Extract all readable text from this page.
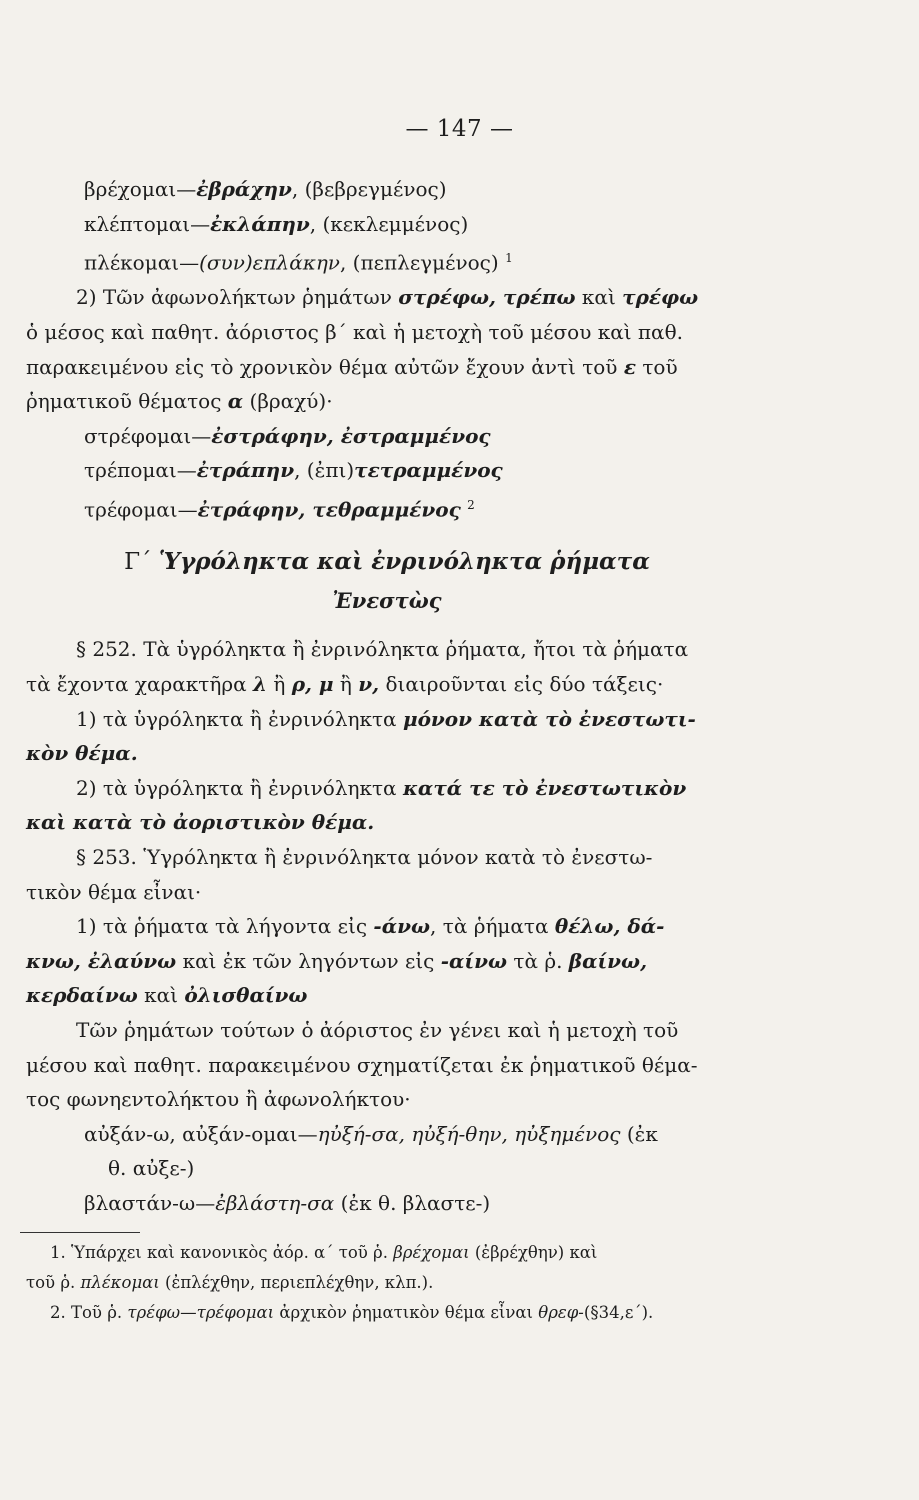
— 147 —
βρέχομαι—ἐβράχην, (βεβρεγμένος)
κλέπτομαι—ἐκλάπην, (κεκλεμμένος)
πλέκομαι—(συν)επλάκην, (πεπλεγμένος) $^1$
2) Τῶν ἀφωνολήκτων ῥημάτων στρέφω, τρέπω καὶ τρέφω
ὁ μέσος καὶ παθητ. ἀόριστος β΄ καὶ ἡ μετοχὴ τοῦ μέσου καὶ παθ.
παρακειμένου εἰς τὸ χρονικὸν θέμα αὐτῶν ἔχουν ἀντὶ τοῦ ε τοῦ
ῥηματικοῦ θέματος α (βραχύ)·
στρέφομαι—ἐστράφην, ἐστραμμένος
τρέπομαι—ἐτράπην, (ἐπι)τετραμμένος
τρέφομαι—ἐτράφην, τεθραμμένος $^2$
Γ΄ Ὑγρόληκτα καὶ ἐνρινόληκτα ῥήματα
Ἐνεστὼς
§ 252. Τὰ ὑγρόληκτα ἢ ἐνρινόληκτα ῥήματα, ἤτοι τὰ ῥήματα
τὰ ἔχοντα χαρακτῆρα λ ἢ ρ, μ ἢ ν, διαιροῦνται εἰς δύο τάξεις·
1) τὰ ὑγρόληκτα ἢ ἐνρινόληκτα μόνον κατὰ τὸ ἐνεστωτι-
κὸν θέμα.
2) τὰ ὑγρόληκτα ἢ ἐνρινόληκτα κατά τε τὸ ἐνεστωτικὸν
καὶ κατὰ τὸ ἀοριστικὸν θέμα.
§ 253. Ὑγρόληκτα ἢ ἐνρινόληκτα μόνον κατὰ τὸ ἐνεστω-
τικὸν θέμα εἶναι·
1) τὰ ῥήματα τὰ λήγοντα εἰς -άνω, τὰ ῥήματα θέλω, δά-
κνω, ἐλαύνω καὶ ἐκ τῶν ληγόντων εἰς -αίνω τὰ ῥ. βαίνω,
κερδαίνω καὶ ὀλισθαίνω
Τῶν ῥημάτων τούτων ὁ ἀόριστος ἐν γένει καὶ ἡ μετοχὴ τοῦ
μέσου καὶ παθητ. παρακειμένου σχηματίζεται ἐκ ῥηματικοῦ θέμα-
τος φωνηεντολήκτου ἢ ἀφωνολήκτου·
αὐξάν-ω, αὐξάν-ομαι—ηὐξή-σα, ηὐξή-θην, ηὐξημένος (ἐκ
θ. αὐξε-)
βλαστάν-ω—ἐβλάστη-σα (ἐκ θ. βλαστε-)
1. Ὑπάρχει καὶ κανονικὸς ἀόρ. α΄ τοῦ ῥ. βρέχομαι (ἐβρέχθην) καὶ
τοῦ ῥ. πλέκομαι (ἐπλέχθην, περιεπλέχθην, κλπ.).
2. Τοῦ ῥ. τρέφω—τρέφομαι ἀρχικὸν ῥηματικὸν θέμα εἶναι θρεφ-(§34,ε΄).
